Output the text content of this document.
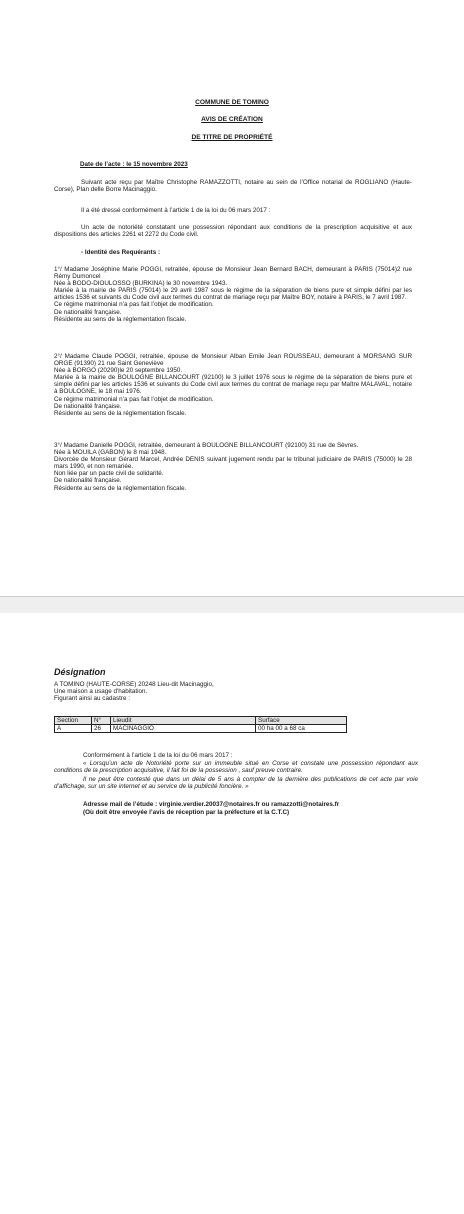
COMMUNE DE TOMINO
AVIS DE CRÉATION
DE TITRE DE PROPRIÉTÉ
Date de l’acte : le 15 novembre 2023
Suivant acte reçu par Maître Christophe RAMAZZOTTI, notaire au sein de l’Office notarial de ROGLIANO (Haute-Corse), Plan delle Borre Macinaggio.
Il a été dressé conformément à l’article 1 de la loi du 06 mars 2017 :
Un acte de notoriété constatant une possession répondant aux conditions de la prescription acquisitive et aux dispositions des articles 2261 et 2272 du Code civil.
- Identité des Requérants :
1°/ Madame Joséphine Marie POGGI, retraitée, épouse de Monsieur Jean Bernard BACH, demeurant à PARIS (75014)2 rue Rémy Dumoncel
Née à BODO-DIOULOSSO (BURKINA) le 30 novembre 1943.
Mariée à la mairie de PARIS (75014) le 29 avril 1987 sous le régime de la séparation de biens pure et simple défini par les articles 1536 et suivants du Code civil aux termes du contrat de mariage reçu par Maître BOY, notaire à PARIS, le 7 avril 1987.
Ce régime matrimonial n’a pas fait l’objet de modification.
De nationalité française.
Résidente au sens de la réglementation fiscale.
2°/ Madame Claude POGGI, retraitée, épouse de Monsieur Alban Emile Jean ROUSSEAU, demeurant à MORSANG SUR ORGE (91390) 21 rue Saint Geneviève
Née à BORGO (20290)le 20 septembre 1950.
Mariée à la mairie de BOULOGNE BILLANCOURT (92100) le 3 juillet 1976 sous le régime de la séparation de biens pure et simple défini par les articles 1536 et suivants du Code civil aux termes du contrat de mariage reçu par Maître MALAVAL, notaire à BOULOGNE, le 18 mai 1976.
Ce régime matrimonial n’a pas fait l’objet de modification.
De nationalité française.
Résidente au sens de la réglementation fiscale.
3°/ Madame Danielle POGGI, retraitée, demeurant à BOULOGNE BILLANCOURT (92100) 31 rue de Sèvres.
Née à MOUILA (GABON) le 8 mai 1948.
Divorcée de Monsieur Gérard Marcel, Andrée DENIS suivant jugement rendu par le tribunal judiciaire de PARIS (75000) le 28 mars 1990, et non remariée.
Non liée par un pacte civil de solidarité.
De nationalité française.
Résidente au sens de la réglementation fiscale.
Désignation
A TOMINO (HAUTE-CORSE) 20248 Lieu-dit Macinaggio,
Une maison a usage d'habitation.
Figurant ainsi au cadastre :
Section	N°	Lieudit	Surface
A	26	MACINAGGIO	00 ha 00 a 68 ca
Conformément à l’article 1 de la loi du 06 mars 2017 :
« Lorsqu’un acte de Notoriété porte sur un immeuble situé en Corse et constate une possession répondant aux conditions de la prescription acquisitive, il fait foi de la possession , sauf preuve contraire.
Il ne peut être contesté que dans un délai de 5 ans à compter de la dernière des publications de cet acte par voie d’affichage, sur un site internet et au service de la publicité foncière. »
Adresse mail de l’étude : virginie.verdier.20037@notaires.fr ou ramazzotti@notaires.fr
(Où doit être envoyée l’avis de réception par la préfecture et la C.T.C)
